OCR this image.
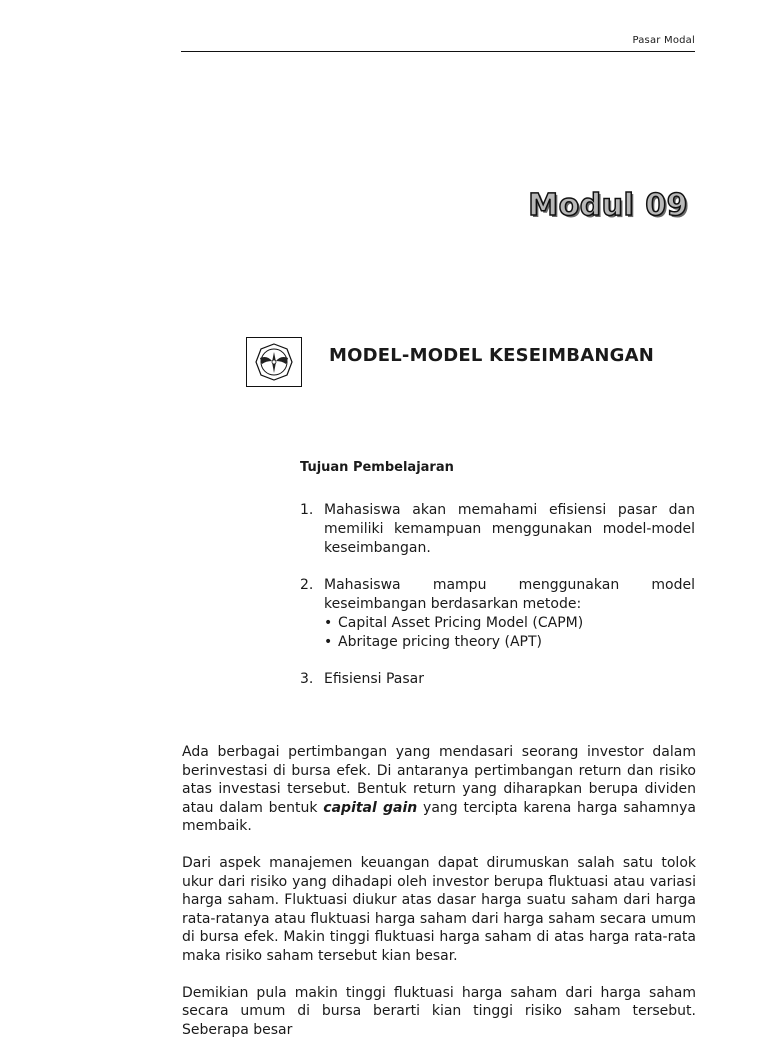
Pasar Modal
Modul 09
MODEL-MODEL KESEIMBANGAN
Tujuan Pembelajaran
1. Mahasiswa akan memahami efisiensi pasar dan memiliki kemampuan menggunakan model-model keseimbangan.
2. Mahasiswa mampu menggunakan model keseimbangan berdasarkan metode:
• Capital Asset Pricing Model (CAPM)
• Abritage pricing theory (APT)
3. Efisiensi Pasar

Ada berbagai pertimbangan yang mendasari seorang investor dalam berinvestasi di bursa efek. Di antaranya pertimbangan return dan risiko atas investasi tersebut. Bentuk return yang diharapkan berupa dividen atau dalam bentuk capital gain yang tercipta karena harga sahamnya membaik.

Dari aspek manajemen keuangan dapat dirumuskan salah satu tolok ukur dari risiko yang dihadapi oleh investor berupa fluktuasi atau variasi harga saham. Fluktuasi diukur atas dasar harga suatu saham dari harga rata-ratanya atau fluktuasi harga saham dari harga saham secara umum di bursa efek. Makin tinggi fluktuasi harga saham di atas harga rata-rata maka risiko saham tersebut kian besar.

Demikian pula makin tinggi fluktuasi harga saham dari harga saham secara umum di bursa berarti kian tinggi risiko saham tersebut. Seberapa besar
